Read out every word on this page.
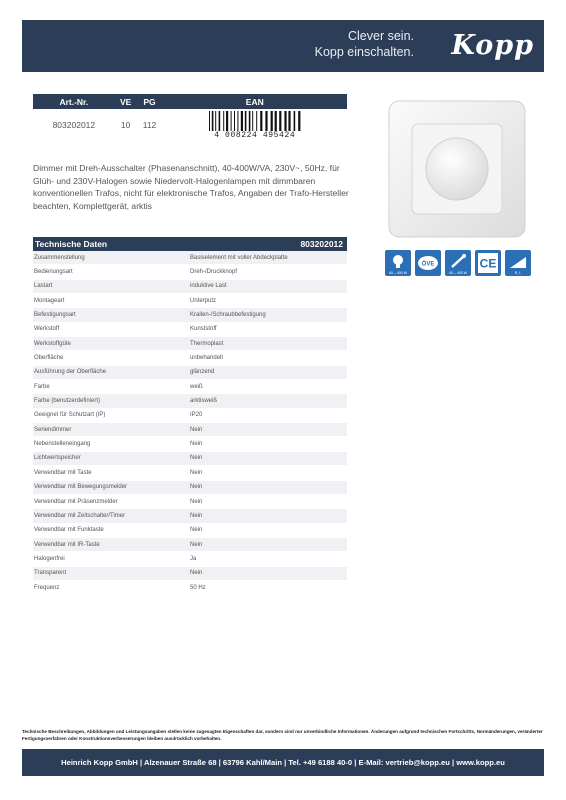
Clever sein.
Kopp einschalten. Kopp
Art.-Nr.	VE	PG	EAN
803202012	10	112	4 008224 495424

Dimmer mit Dreh-Ausschalter (Phasenanschnitt), 40-400W/VA, 230V~, 50Hz, für Glüh- und 230V-Halogen sowie Niedervolt-Halogenlampen mit dimmbaren konventionellen Trafos, nicht für elektronische Trafos, Angaben der Trafo-Hersteller beachten, Komplettgerät, arktis

40 – 400 W
ÖVE
40 – 400 W
CE
R, L
Technische Daten	803202012
Zusammenstellung	Basiselement mit voller Abdeckplatte
Bedienungsart	Dreh-/Druckknopf
Lastart	induktive Last
Montageart	Unterputz
Befestigungsart	Krallen-/Schraubbefestigung
Werkstoff	Kunststoff
Werkstoffgüte	Thermoplast
Oberfläche	unbehandelt
Ausführung der Oberfläche	glänzend
Farbe	weiß
Farbe (benutzerdefiniert)	arktisweiß
Geeignet für Schutzart (IP)	IP20
Seriendimmer	Nein
Nebenstelleneingang	Nein
Lichtwertspeicher	Nein
Verwendbar mit Taste	Nein
Verwendbar mit Bewegungsmelder	Nein
Verwendbar mit Präsenzmelder	Nein
Verwendbar mit Zeitschalter/Timer	Nein
Verwendbar mit Funktaste	Nein
Verwendbar mit IR-Taste	Nein
Halogenfrei	Ja
Transparent	Nein
Frequenz	50 Hz

Technische Beschreibungen, Abbildungen und Leistungsangaben stellen keine zugesagten Eigenschaften dar, sondern sind nur unverbindliche Informationen. Änderungen aufgrund technischen Fortschritts, Normänderungen, veränderter Fertigungsverfahren oder Konstruktionsverbesserungen bleiben ausdrücklich vorbehalten.

Heinrich Kopp GmbH | Alzenauer Straße 68 | 63796 Kahl/Main | Tel. +49 6188 40-0 | E-Mail: vertrieb@kopp.eu | www.kopp.eu
